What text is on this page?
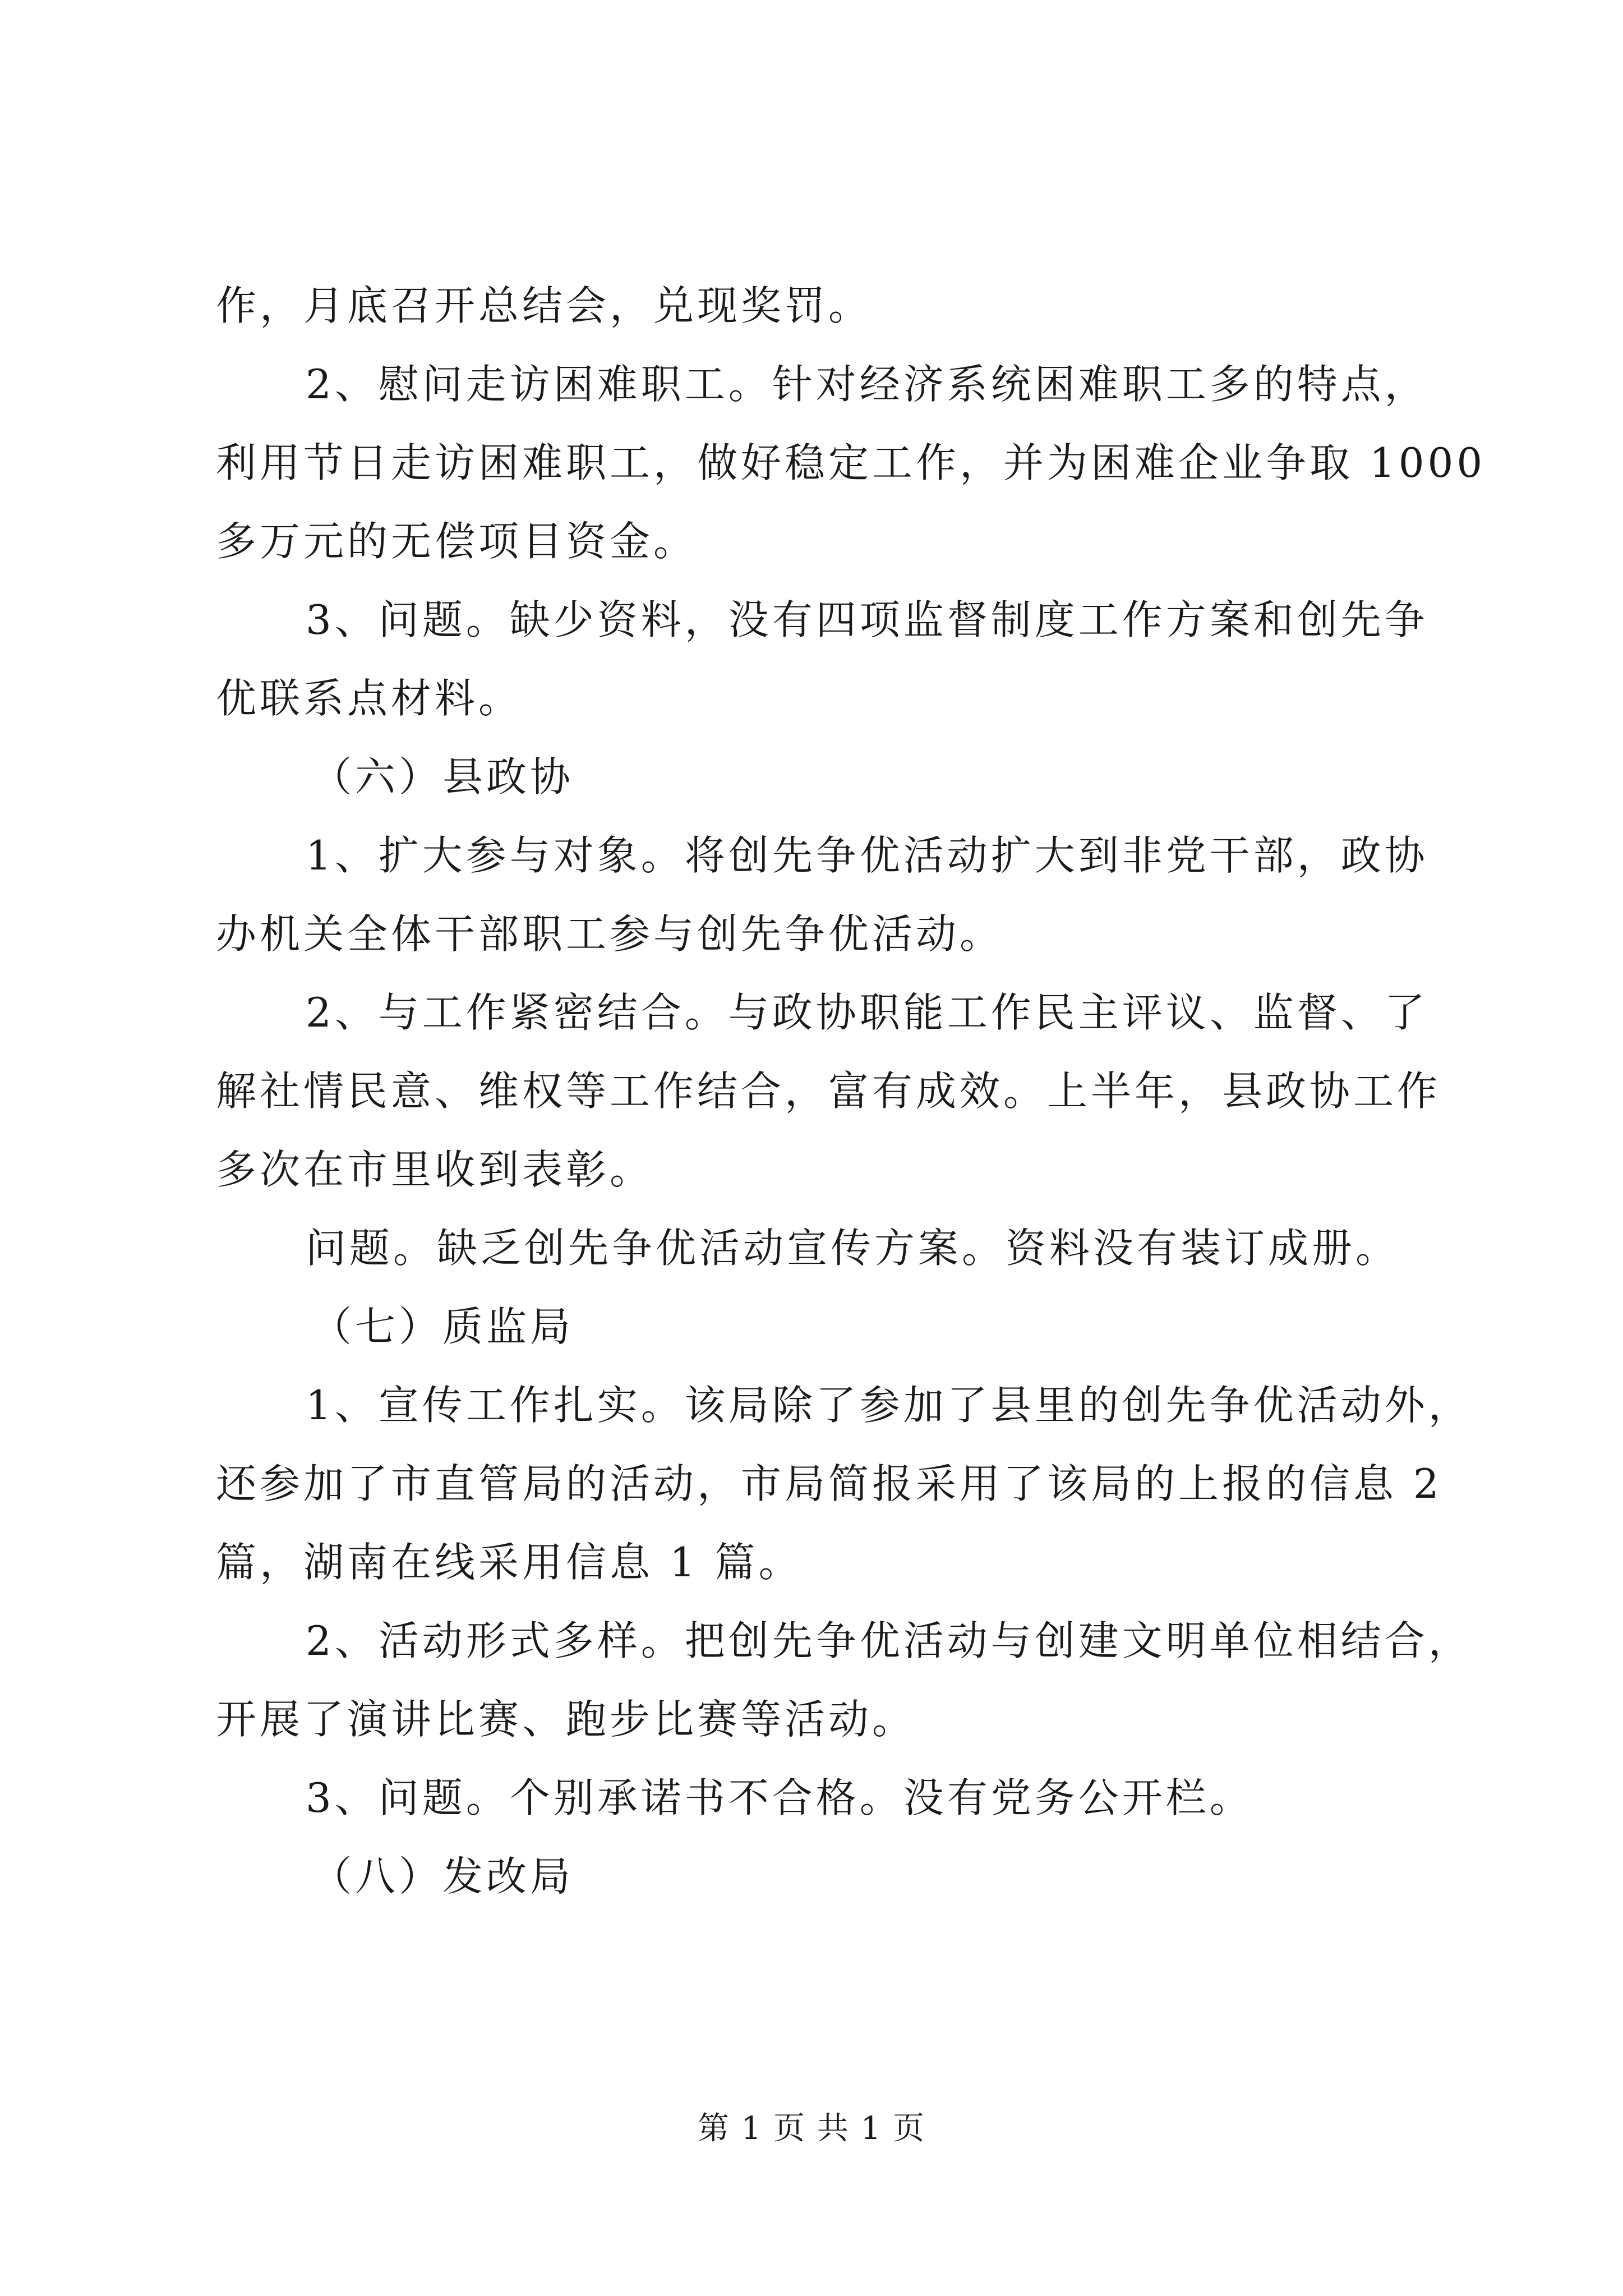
作，月底召开总结会，兑现奖罚。
2、慰问走访困难职工。针对经济系统困难职工多的特点，
利用节日走访困难职工，做好稳定工作，并为困难企业争取 1000
多万元的无偿项目资金。
3、问题。缺少资料，没有四项监督制度工作方案和创先争
优联系点材料。
（六）县政协
1、扩大参与对象。将创先争优活动扩大到非党干部，政协
办机关全体干部职工参与创先争优活动。
2、与工作紧密结合。与政协职能工作民主评议、监督、了
解社情民意、维权等工作结合，富有成效。上半年，县政协工作
多次在市里收到表彰。
问题。缺乏创先争优活动宣传方案。资料没有装订成册。
（七）质监局
1、宣传工作扎实。该局除了参加了县里的创先争优活动外，
还参加了市直管局的活动，市局简报采用了该局的上报的信息 2
篇，湖南在线采用信息 1 篇。
2、活动形式多样。把创先争优活动与创建文明单位相结合，
开展了演讲比赛、跑步比赛等活动。
3、问题。个别承诺书不合格。没有党务公开栏。
（八）发改局
第 1 页 共 1 页
